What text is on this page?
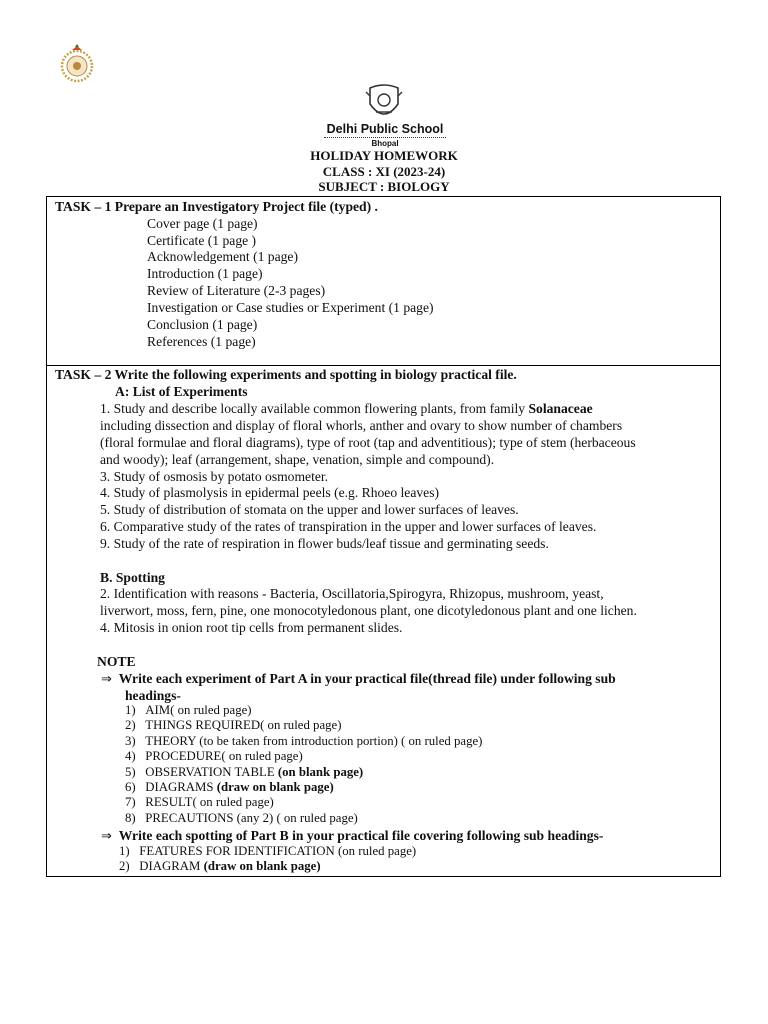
Delhi Public School
Bhopal
HOLIDAY HOMEWORK
CLASS : XI (2023-24)
SUBJECT : BIOLOGY
TASK – 1 Prepare an Investigatory Project file (typed) .
Cover page (1 page)
Certificate (1 page )
Acknowledgement (1 page)
Introduction (1 page)
Review of Literature (2-3 pages)
Investigation or Case studies or Experiment (1 page)
Conclusion (1 page)
References (1 page)
TASK – 2 Write the following experiments and spotting in biology practical file.
A: List of Experiments
1. Study and describe locally available common flowering plants, from family Solanaceae
including dissection and display of floral whorls, anther and ovary to show number of chambers
(floral formulae and floral diagrams), type of root (tap and adventitious); type of stem (herbaceous
and woody); leaf (arrangement, shape, venation, simple and compound).
3. Study of osmosis by potato osmometer.
4. Study of plasmolysis in epidermal peels (e.g. Rhoeo leaves)
5. Study of distribution of stomata on the upper and lower surfaces of leaves.
6. Comparative study of the rates of transpiration in the upper and lower surfaces of leaves.
9. Study of the rate of respiration in flower buds/leaf tissue and germinating seeds.
B. Spotting
2. Identification with reasons - Bacteria, Oscillatoria,Spirogyra, Rhizopus, mushroom, yeast,
liverwort, moss, fern, pine, one monocotyledonous plant, one dicotyledonous plant and one lichen.
4. Mitosis in onion root tip cells from permanent slides.
NOTE
⇒ Write each experiment of Part A in your practical file(thread file) under following sub
headings-
1) AIM( on ruled page)
2) THINGS REQUIRED( on ruled page)
3) THEORY (to be taken from introduction portion) ( on ruled page)
4) PROCEDURE( on ruled page)
5) OBSERVATION TABLE (on blank page)
6) DIAGRAMS (draw on blank page)
7) RESULT( on ruled page)
8) PRECAUTIONS (any 2) ( on ruled page)
⇒ Write each spotting of Part B in your practical file covering following sub headings-
1) FEATURES FOR IDENTIFICATION (on ruled page)
2) DIAGRAM (draw on blank page)
